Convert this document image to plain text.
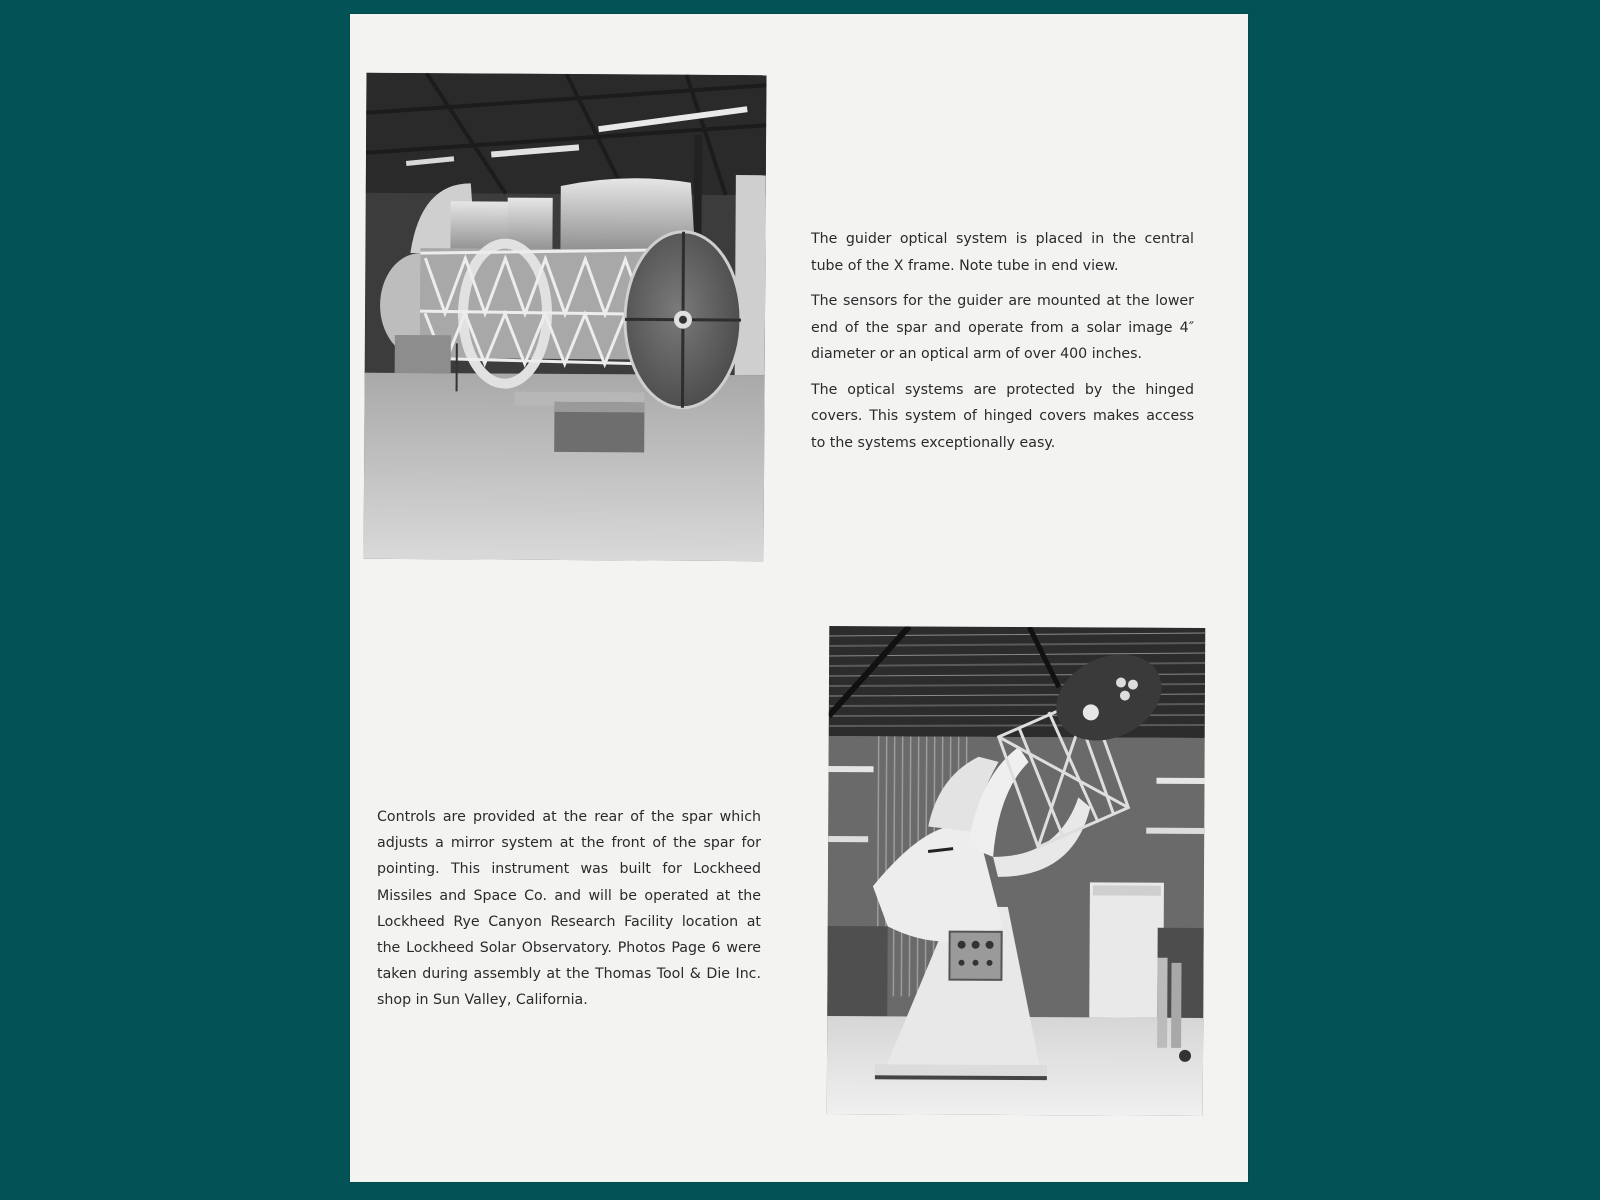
The guider optical system is placed in the central tube of the X frame. Note tube in end view.

The sensors for the guider are mounted at the lower end of the spar and operate from a solar image 4″ diameter or an optical arm of over 400 inches.

The optical systems are protected by the hinged covers. This system of hinged covers makes access to the systems exceptionally easy.

Controls are provided at the rear of the spar which adjusts a mirror system at the front of the spar for pointing. This instrument was built for Lockheed Missiles and Space Co. and will be operated at the Lockheed Rye Canyon Research Facility location at the Lockheed Solar Observatory. Photos Page 6 were taken during assembly at the Thomas Tool & Die Inc. shop in Sun Valley, California.
